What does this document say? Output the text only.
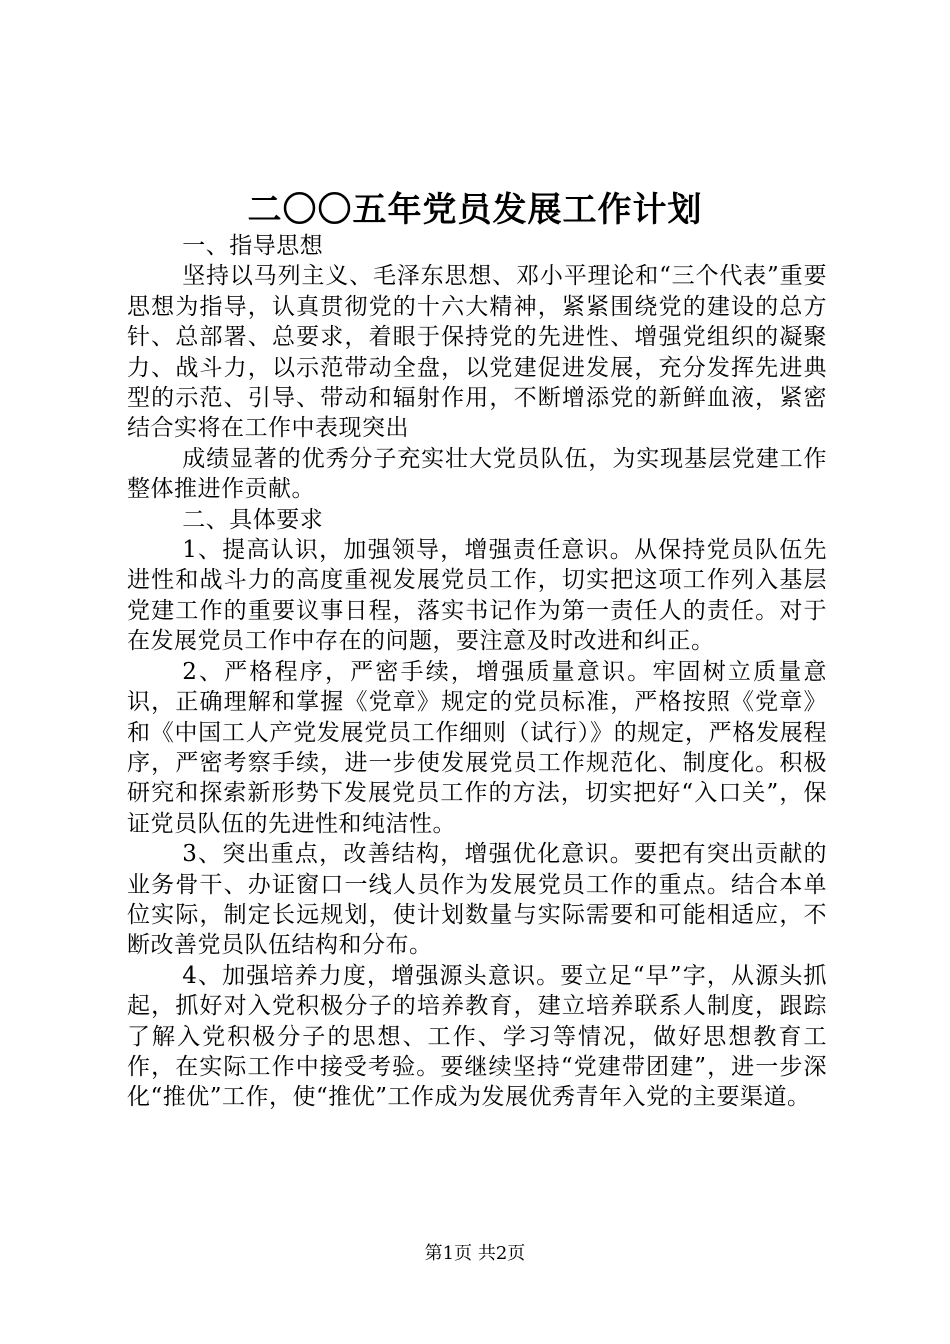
二〇〇五年党员发展工作计划

一、指导思想

坚持以马列主义、毛泽东思想、邓小平理论和“三个代表”重要思想为指导，认真贯彻党的十六大精神，紧紧围绕党的建设的总方针、总部署、总要求，着眼于保持党的先进性、增强党组织的凝聚力、战斗力，以示范带动全盘，以党建促进发展，充分发挥先进典型的示范、引导、带动和辐射作用，不断增添党的新鲜血液，紧密结合实将在工作中表现突出

成绩显著的优秀分子充实壮大党员队伍，为实现基层党建工作整体推进作贡献。

二、具体要求

1、提高认识，加强领导，增强责任意识。从保持党员队伍先进性和战斗力的高度重视发展党员工作，切实把这项工作列入基层党建工作的重要议事日程，落实书记作为第一责任人的责任。对于在发展党员工作中存在的问题，要注意及时改进和纠正。

2、严格程序，严密手续，增强质量意识。牢固树立质量意识，正确理解和掌握《党章》规定的党员标准，严格按照《党章》和《中国工人产党发展党员工作细则（试行）》的规定，严格发展程序，严密考察手续，进一步使发展党员工作规范化、制度化。积极研究和探索新形势下发展党员工作的方法，切实把好“入口关”，保证党员队伍的先进性和纯洁性。

3、突出重点，改善结构，增强优化意识。要把有突出贡献的业务骨干、办证窗口一线人员作为发展党员工作的重点。结合本单位实际，制定长远规划，使计划数量与实际需要和可能相适应，不断改善党员队伍结构和分布。

4、加强培养力度，增强源头意识。要立足“早”字，从源头抓起，抓好对入党积极分子的培养教育，建立培养联系人制度，跟踪了解入党积极分子的思想、工作、学习等情况，做好思想教育工作，在实际工作中接受考验。要继续坚持“党建带团建”，进一步深化“推优”工作，使“推优”工作成为发展优秀青年入党的主要渠道。

第1页 共2页
